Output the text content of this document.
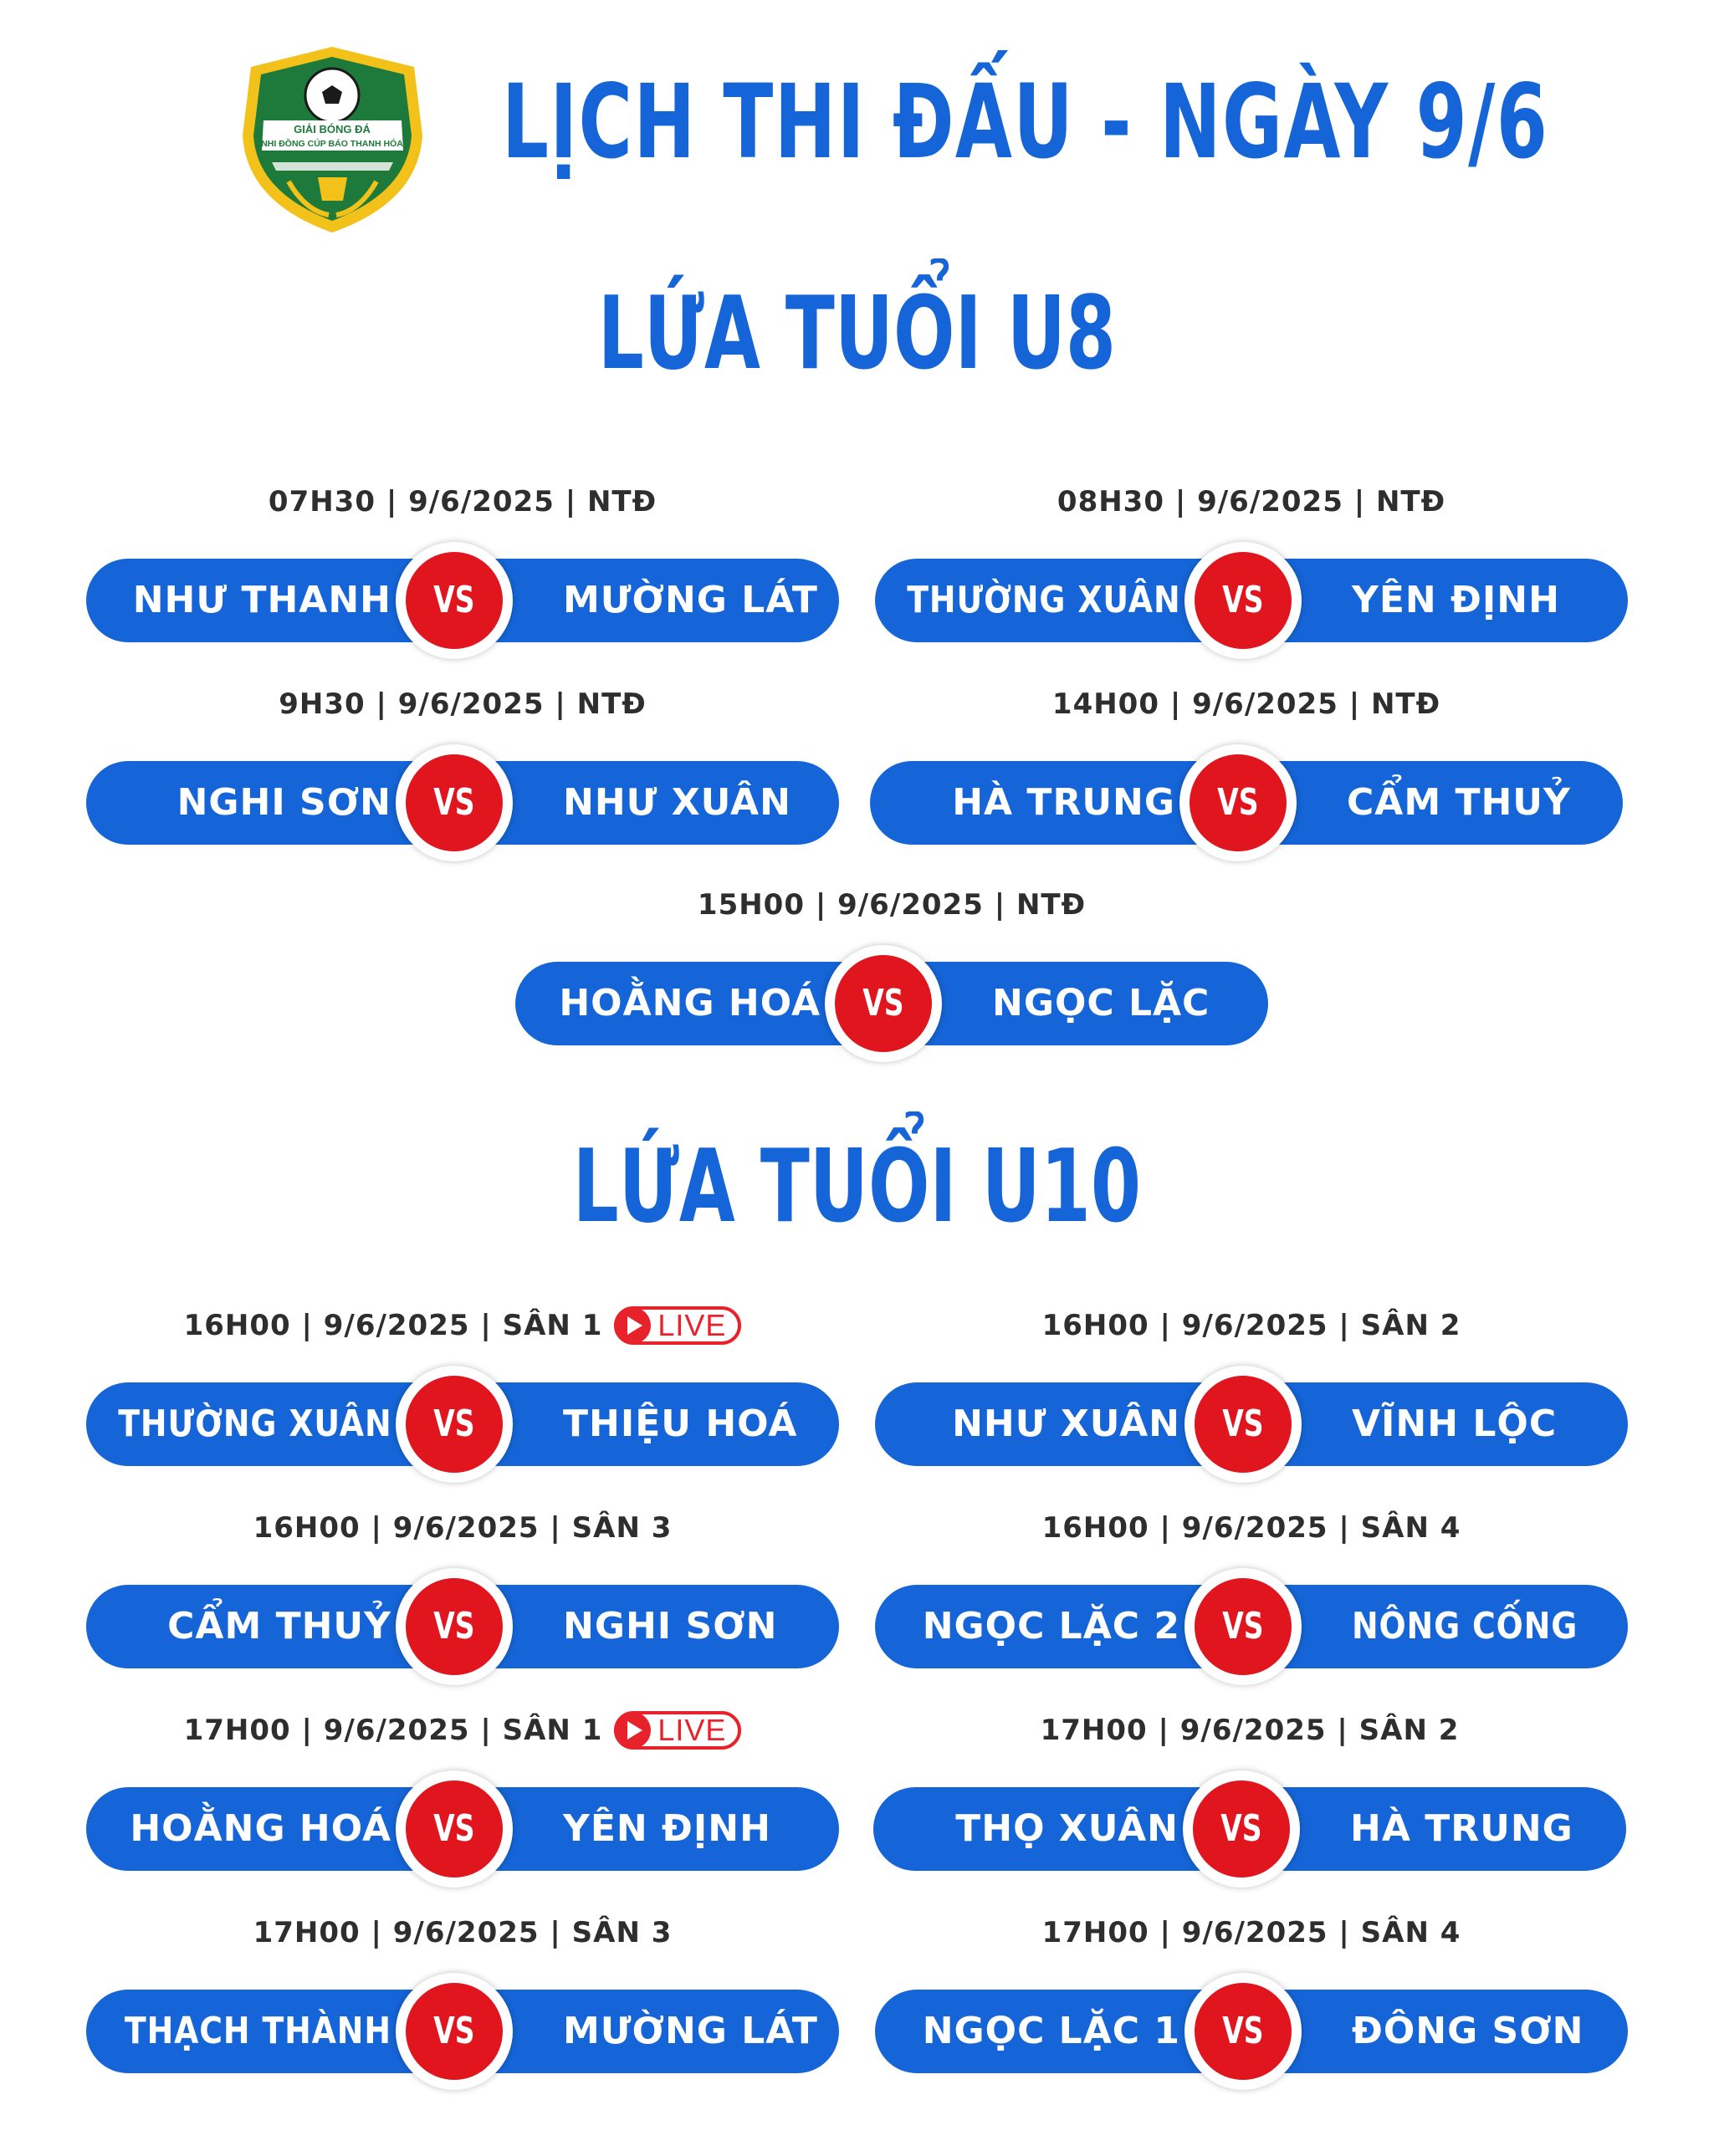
GIẢI BÓNG ĐÁ
NHI ĐỒNG CÚP BÁO THANH HÓA LỊCH THI ĐẤU - NGÀY 9/6
LỨA TUỔI U8
LỨA TUỔI U10
07H30 | 9/6/2025 | NTĐ
NHƯ THANH	VS	MƯỜNG LÁT
08H30 | 9/6/2025 | NTĐ
THƯỜNG XUÂN	VS	YÊN ĐỊNH
9H30 | 9/6/2025 | NTĐ
NGHI SƠN	VS	NHƯ XUÂN
14H00 | 9/6/2025 | NTĐ
HÀ TRUNG	VS	CẨM THUỶ
15H00 | 9/6/2025 | NTĐ
HOẰNG HOÁ	VS	NGỌC LẶC
16H00 | 9/6/2025 | SÂN 1 LIVE
THƯỜNG XUÂN	VS	THIỆU HOÁ
16H00 | 9/6/2025 | SÂN 2
NHƯ XUÂN	VS	VĨNH LỘC
16H00 | 9/6/2025 | SÂN 3
CẨM THUỶ	VS	NGHI SƠN
16H00 | 9/6/2025 | SÂN 4
NGỌC LẶC 2	VS	NÔNG CỐNG
17H00 | 9/6/2025 | SÂN 1 LIVE
HOẰNG HOÁ	VS	YÊN ĐỊNH
17H00 | 9/6/2025 | SÂN 2
THỌ XUÂN	VS	HÀ TRUNG
17H00 | 9/6/2025 | SÂN 3
THẠCH THÀNH	VS	MƯỜNG LÁT
17H00 | 9/6/2025 | SÂN 4
NGỌC LẶC 1	VS	ĐÔNG SƠN
